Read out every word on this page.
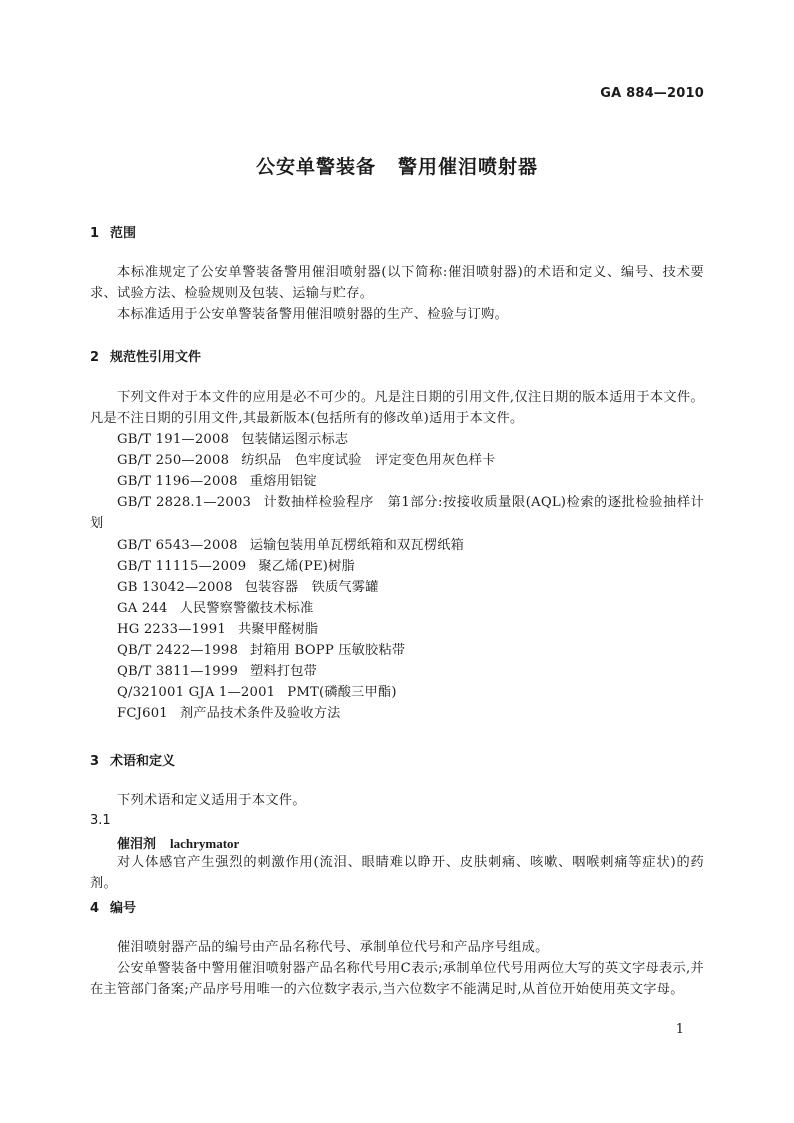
GA 884—2010
公安单警装备 警用催泪喷射器
1 范围
本标准规定了公安单警装备警用催泪喷射器(以下简称:催泪喷射器)的术语和定义、编号、技术要求、试验方法、检验规则及包装、运输与贮存。
本标准适用于公安单警装备警用催泪喷射器的生产、检验与订购。
2 规范性引用文件
下列文件对于本文件的应用是必不可少的。凡是注日期的引用文件,仅注日期的版本适用于本文件。凡是不注日期的引用文件,其最新版本(包括所有的修改单)适用于本文件。
GB/T 191—2008 包装储运图示标志
GB/T 250—2008 纺织品　色牢度试验　评定变色用灰色样卡
GB/T 1196—2008 重熔用铝锭
GB/T 2828.1—2003 计数抽样检验程序　第1部分:按接收质量限(AQL)检索的逐批检验抽样计划
GB/T 6543—2008 运输包装用单瓦楞纸箱和双瓦楞纸箱
GB/T 11115—2009 聚乙烯(PE)树脂
GB 13042—2008 包装容器　铁质气雾罐
GA 244 人民警察警徽技术标准
HG 2233—1991 共聚甲醛树脂
QB/T 2422—1998 封箱用 BOPP 压敏胶粘带
QB/T 3811—1999 塑料打包带
Q/321001 GJA 1—2001 PMT(磷酸三甲酯)
FCJ601 剂产品技术条件及验收方法
3 术语和定义
下列术语和定义适用于本文件。
3.1
催泪剂 lachrymator
对人体感官产生强烈的刺激作用(流泪、眼睛难以睁开、皮肤刺痛、咳嗽、咽喉刺痛等症状)的药剂。
4 编号
催泪喷射器产品的编号由产品名称代号、承制单位代号和产品序号组成。
公安单警装备中警用催泪喷射器产品名称代号用C表示;承制单位代号用两位大写的英文字母表示,并在主管部门备案;产品序号用唯一的六位数字表示,当六位数字不能满足时,从首位开始使用英文字母。
1
